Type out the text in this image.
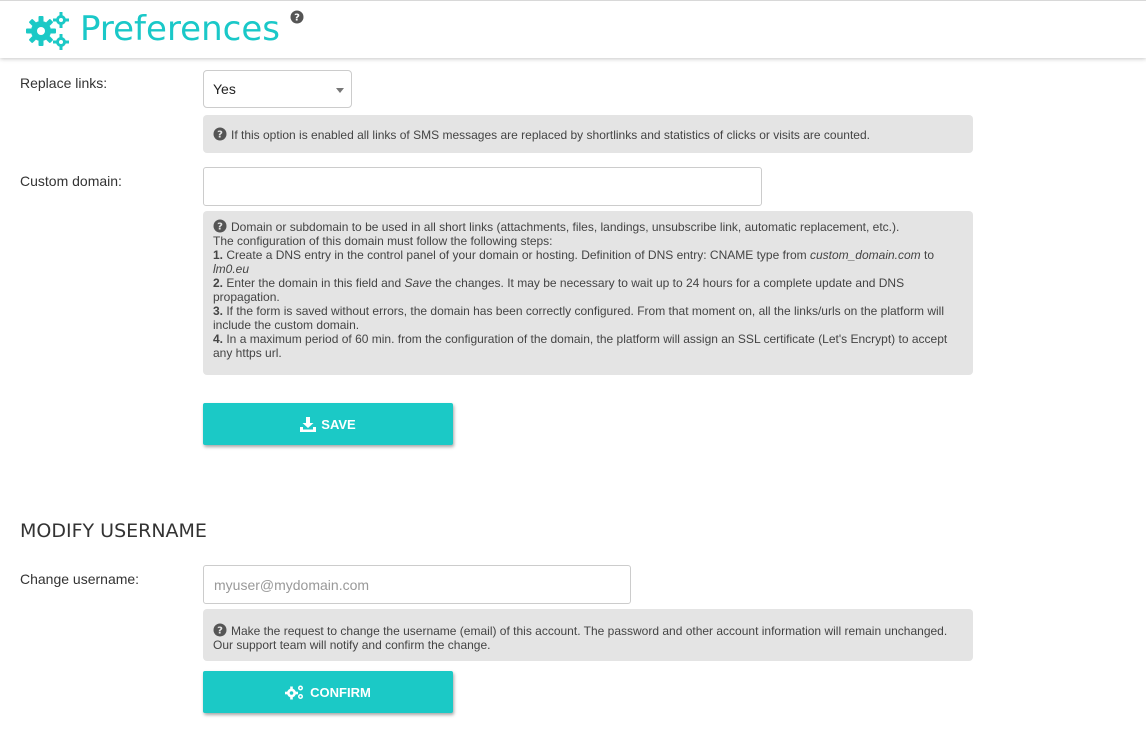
Preferences ?
Replace links:	Yes
? If this option is enabled all links of SMS messages are replaced by shortlinks and statistics of clicks or visits are counted.
Custom domain:

? Domain or subdomain to be used in all short links (attachments, files, landings, unsubscribe link, automatic replacement, etc.).

The configuration of this domain must follow the following steps:

1. Create a DNS entry in the control panel of your domain or hosting. Definition of DNS entry: CNAME type from custom_domain.com to lm0.eu

2. Enter the domain in this field and Save the changes. It may be necessary to wait up to 24 hours for a complete update and DNS propagation.

3. If the form is saved without errors, the domain has been correctly configured. From that moment on, all the links/urls on the platform will include the custom domain.

4. In a maximum period of 60 min. from the configuration of the domain, the platform will assign an SSL certificate (Let's Encrypt) to accept any https url.

SAVE
MODIFY USERNAME
Change username:
myuser@mydomain.com
? Make the request to change the username (email) of this account. The password and other account information will remain unchanged. Our support team will notify and confirm the change.
CONFIRM
